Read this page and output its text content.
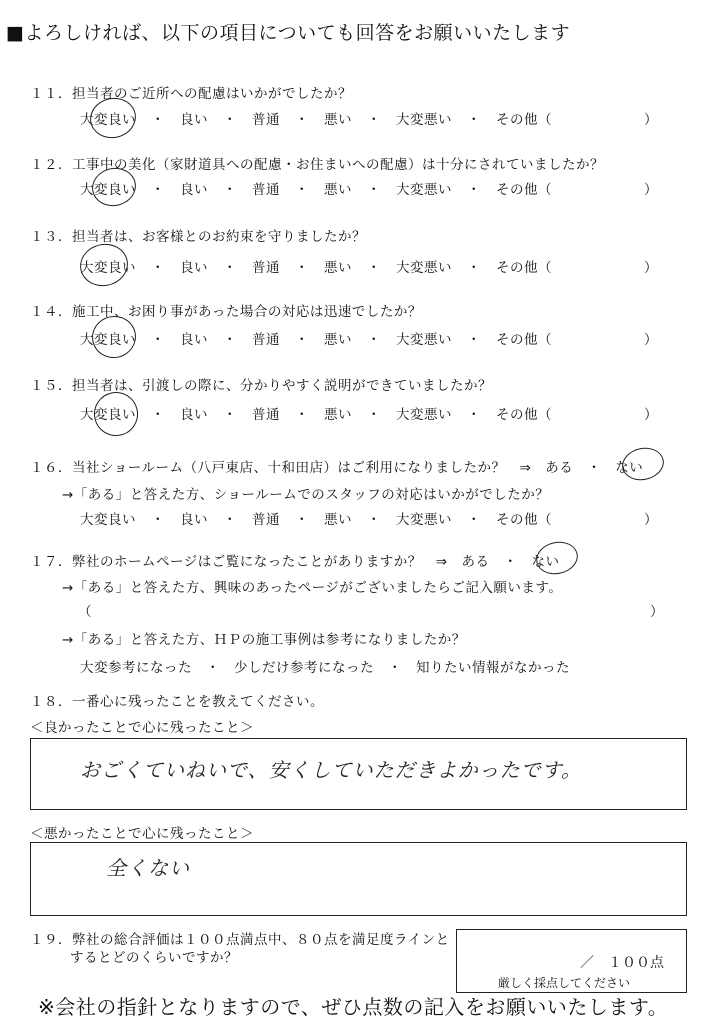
■よろしければ、以下の項目についても回答をお願いいたします
１１．担当者のご近所への配慮はいかがでしたか？
大変良い ・ 良い ・ 普通 ・ 悪い ・ 大変悪い ・ その他（	）
１２．工事中の美化（家財道具への配慮・お住まいへの配慮）は十分にされていましたか？
大変良い ・ 良い ・ 普通 ・ 悪い ・ 大変悪い ・ その他（	）
１３．担当者は、お客様とのお約束を守りましたか？
大変良い ・ 良い ・ 普通 ・ 悪い ・ 大変悪い ・ その他（	）
１４．施工中、お困り事があった場合の対応は迅速でしたか？
大変良い ・ 良い ・ 普通 ・ 悪い ・ 大変悪い ・ その他（	）
１５．担当者は、引渡しの際に、分かりやすく説明ができていましたか？
大変良い ・ 良い ・ 普通 ・ 悪い ・ 大変悪い ・ その他（	）
１６．当社ショールーム（八戸東店、十和田店）はご利用になりましたか？　⇒　ある　・　ない
→「ある」と答えた方、ショールームでのスタッフの対応はいかがでしたか？
大変良い ・ 良い ・ 普通 ・ 悪い ・ 大変悪い ・ その他（	）
１７．弊社のホームページはご覧になったことがありますか？　⇒　ある　・　ない
→「ある」と答えた方、興味のあったページがございましたらご記入願います。
（	）
→「ある」と答えた方、ＨＰの施工事例は参考になりましたか？
大変参考になった　・　少しだけ参考になった　・　知りたい情報がなかった
１８．一番心に残ったことを教えてください。
＜良かったことで心に残ったこと＞
おごくていねいで、安くしていただきよかったです。
＜悪かったことで心に残ったこと＞
全くない
１９．弊社の総合評価は１００点満点中、８０点を満足度ラインと
するとどのくらいですか？	／　１００点
厳しく採点してください
※会社の指針となりますので、ぜひ点数の記入をお願いいたします。
